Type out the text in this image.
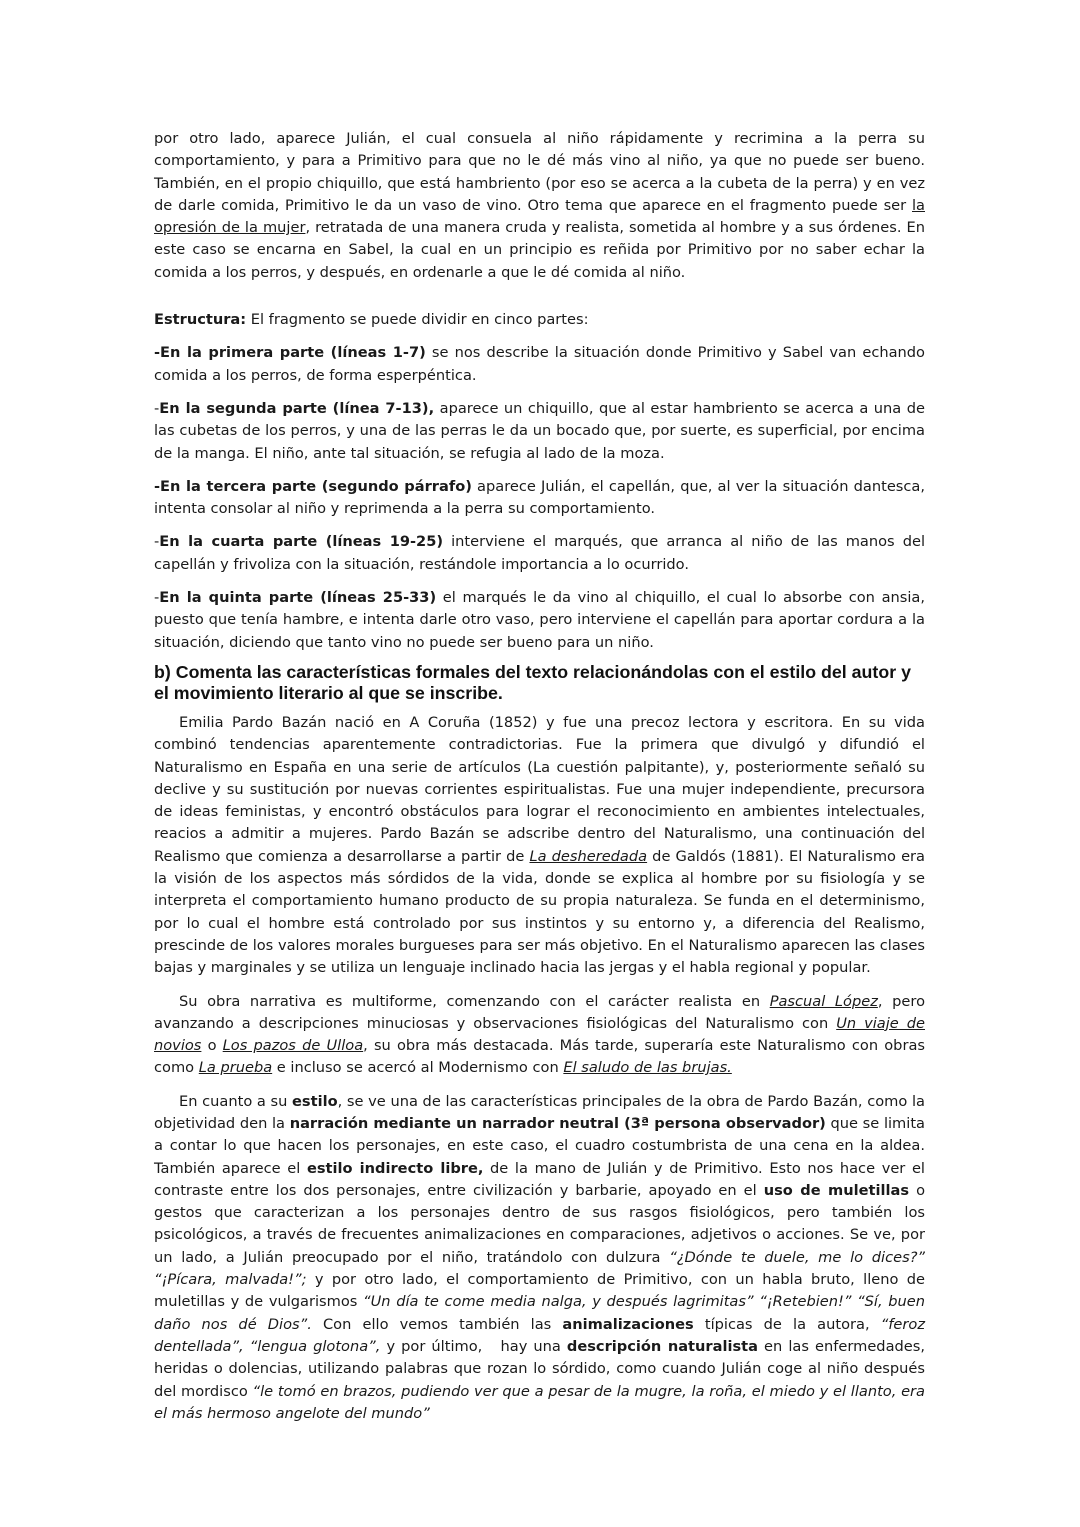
por otro lado, aparece Julián, el cual consuela al niño rápidamente y recrimina a la perra su comportamiento, y para a Primitivo para que no le dé más vino al niño, ya que no puede ser bueno. También, en el propio chiquillo, que está hambriento (por eso se acerca a la cubeta de la perra) y en vez de darle comida, Primitivo le da un vaso de vino. Otro tema que aparece en el fragmento puede ser la opresión de la mujer, retratada de una manera cruda y realista, sometida al hombre y a sus órdenes. En este caso se encarna en Sabel, la cual en un principio es reñida por Primitivo por no saber echar la comida a los perros, y después, en ordenarle a que le dé comida al niño.

Estructura: El fragmento se puede dividir en cinco partes:

-En la primera parte (líneas 1-7) se nos describe la situación donde Primitivo y Sabel van echando comida a los perros, de forma esperpéntica.

-En la segunda parte (línea 7-13), aparece un chiquillo, que al estar hambriento se acerca a una de las cubetas de los perros, y una de las perras le da un bocado que, por suerte, es superficial, por encima de la manga. El niño, ante tal situación, se refugia al lado de la moza.

-En la tercera parte (segundo párrafo) aparece Julián, el capellán, que, al ver la situación dantesca, intenta consolar al niño y reprimenda a la perra su comportamiento.

-En la cuarta parte (líneas 19-25) interviene el marqués, que arranca al niño de las manos del capellán y frivoliza con la situación, restándole importancia a lo ocurrido.

-En la quinta parte (líneas 25-33) el marqués le da vino al chiquillo, el cual lo absorbe con ansia, puesto que tenía hambre, e intenta darle otro vaso, pero interviene el capellán para aportar cordura a la situación, diciendo que tanto vino no puede ser bueno para un niño.

b) Comenta las características formales del texto relacionándolas con el estilo del autor y el movimiento literario al que se inscribe.

Emilia Pardo Bazán nació en A Coruña (1852) y fue una precoz lectora y escritora. En su vida combinó tendencias aparentemente contradictorias. Fue la primera que divulgó y difundió el Naturalismo en España en una serie de artículos (La cuestión palpitante), y, posteriormente señaló su declive y su sustitución por nuevas corrientes espiritualistas. Fue una mujer independiente, precursora de ideas feministas, y encontró obstáculos para lograr el reconocimiento en ambientes intelectuales, reacios a admitir a mujeres. Pardo Bazán se adscribe dentro del Naturalismo, una continuación del Realismo que comienza a desarrollarse a partir de La desheredada de Galdós (1881). El Naturalismo era la visión de los aspectos más sórdidos de la vida, donde se explica al hombre por su fisiología y se interpreta el comportamiento humano producto de su propia naturaleza. Se funda en el determinismo, por lo cual el hombre está controlado por sus instintos y su entorno y, a diferencia del Realismo, prescinde de los valores morales burgueses para ser más objetivo. En el Naturalismo aparecen las clases bajas y marginales y se utiliza un lenguaje inclinado hacia las jergas y el habla regional y popular.

Su obra narrativa es multiforme, comenzando con el carácter realista en Pascual López, pero avanzando a descripciones minuciosas y observaciones fisiológicas del Naturalismo con Un viaje de novios o Los pazos de Ulloa, su obra más destacada. Más tarde, superaría este Naturalismo con obras como La prueba e incluso se acercó al Modernismo con El saludo de las brujas.

En cuanto a su estilo, se ve una de las características principales de la obra de Pardo Bazán, como la objetividad den la narración mediante un narrador neutral (3ª persona observador) que se limita a contar lo que hacen los personajes, en este caso, el cuadro costumbrista de una cena en la aldea. También aparece el estilo indirecto libre, de la mano de Julián y de Primitivo. Esto nos hace ver el contraste entre los dos personajes, entre civilización y barbarie, apoyado en el uso de muletillas o gestos que caracterizan a los personajes dentro de sus rasgos fisiológicos, pero también los psicológicos, a través de frecuentes animalizaciones en comparaciones, adjetivos o acciones. Se ve, por un lado, a Julián preocupado por el niño, tratándolo con dulzura “¿Dónde te duele, me lo dices?” “¡Pícara, malvada!”; y por otro lado, el comportamiento de Primitivo, con un habla bruto, lleno de muletillas y de vulgarismos “Un día te come media nalga, y después lagrimitas” “¡Retebien!” “Sí, buen daño nos dé Dios”. Con ello vemos también las animalizaciones típicas de la autora, “feroz dentellada”, “lengua glotona”, y por último,   hay una descripción naturalista en las enfermedades, heridas o dolencias, utilizando palabras que rozan lo sórdido, como cuando Julián coge al niño después del mordisco “le tomó en brazos, pudiendo ver que a pesar de la mugre, la roña, el miedo y el llanto, era el más hermoso angelote del mundo”
